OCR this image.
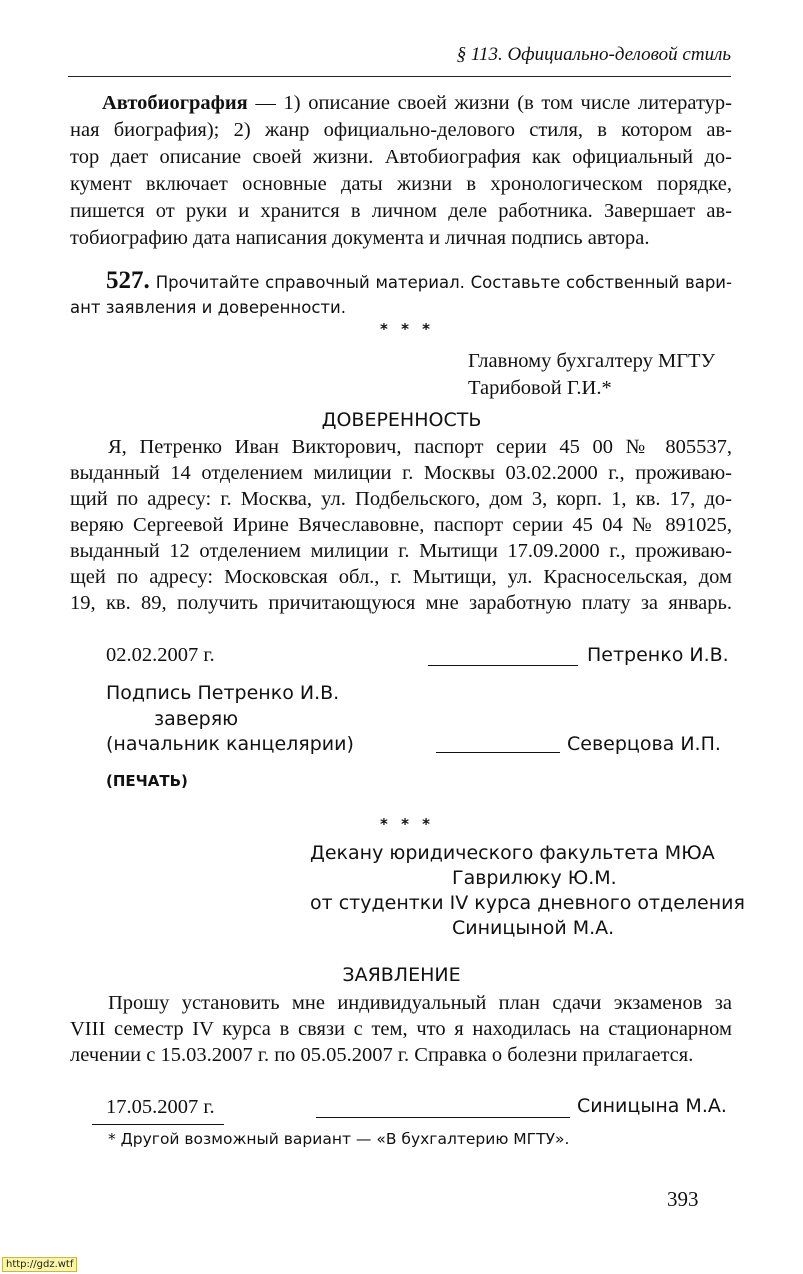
§ 113. Официально-деловой стиль
Автобиография — 1) описание своей жизни (в том числе литератур-
ная биография); 2) жанр официально-делового стиля, в котором ав-
тор дает описание своей жизни. Автобиография как официальный до-
кумент включает основные даты жизни в хронологическом порядке,
пишется от руки и хранится в личном деле работника. Завершает ав-
тобиографию дата написания документа и личная подпись автора.
527. Прочитайте справочный материал. Составьте собственный вари-
ант заявления и доверенности.
* * *
Главному бухгалтеру МГТУ
Тарибовой Г.И.*
ДОВЕРЕННОСТЬ
Я, Петренко Иван Викторович, паспорт серии 45 00 № 805537,
выданный 14 отделением милиции г. Москвы 03.02.2000 г., проживаю-
щий по адресу: г. Москва, ул. Подбельского, дом 3, корп. 1, кв. 17, до-
веряю Сергеевой Ирине Вячеславовне, паспорт серии 45 04 № 891025,
выданный 12 отделением милиции г. Мытищи 17.09.2000 г., проживаю-
щей по адресу: Московская обл., г. Мытищи, ул. Красносельская, дом
19, кв. 89, получить причитающуюся мне заработную плату за январь.
02.02.2007 г.	Петренко И.В.
Подпись Петренко И.В.
заверяю
(начальник канцелярии)	Северцова И.П.
(ПЕЧАТЬ)
* * *
Декану юридического факультета МЮА
Гаврилюку Ю.М.
от студентки IV курса дневного отделения
Синицыной М.А.
ЗАЯВЛЕНИЕ
Прошу установить мне индивидуальный план сдачи экзаменов за
VIII семестр IV курса в связи с тем, что я находилась на стационарном
лечении с 15.03.2007 г. по 05.05.2007 г. Справка о болезни прилагается.
17.05.2007 г.	Синицына М.А.
* Другой возможный вариант — «В бухгалтерию МГТУ».
393
http://gdz.wtf
